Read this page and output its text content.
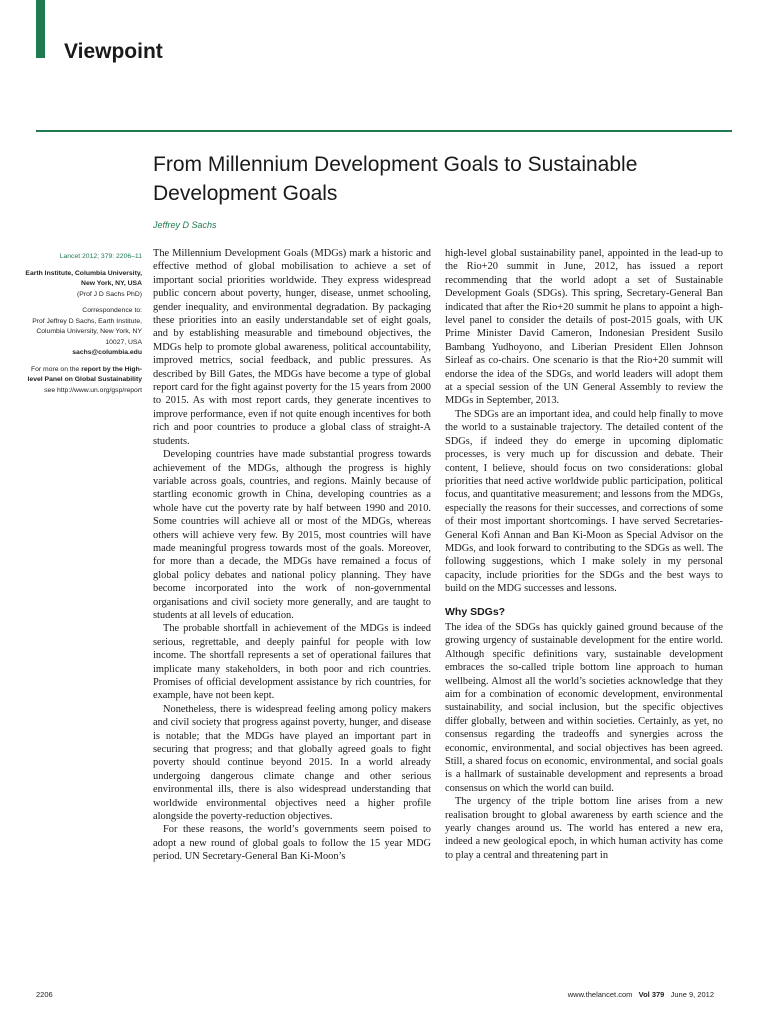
Viewpoint
From Millennium Development Goals to Sustainable Development Goals

Jeffrey D Sachs

Lancet 2012; 379: 2206–11

Earth Institute, Columbia University, New York, NY, USA
(Prof J D Sachs PhD)

Correspondence to:
Prof Jeffrey D Sachs, Earth Institute, Columbia University, New York, NY 10027, USA
sachs@columbia.edu

For more on the report by the High-level Panel on Global Sustainability see http://www.un.org/gsp/report

The Millennium Development Goals (MDGs) mark a historic and effective method of global mobilisation to achieve a set of important social priorities worldwide. They express widespread public concern about poverty, hunger, disease, unmet schooling, gender inequality, and environmental degradation. By packaging these priorities into an easily understandable set of eight goals, and by establishing measurable and timebound objectives, the MDGs help to promote global awareness, political accountability, improved metrics, social feedback, and public pressures. As described by Bill Gates, the MDGs have become a type of global report card for the fight against poverty for the 15 years from 2000 to 2015. As with most report cards, they generate incentives to improve performance, even if not quite enough incentives for both rich and poor countries to produce a global class of straight-A students.

Developing countries have made substantial progress towards achievement of the MDGs, although the progress is highly variable across goals, countries, and regions. Mainly because of startling economic growth in China, developing countries as a whole have cut the poverty rate by half between 1990 and 2010. Some countries will achieve all or most of the MDGs, whereas others will achieve very few. By 2015, most countries will have made meaningful progress towards most of the goals. Moreover, for more than a decade, the MDGs have remained a focus of global policy debates and national policy planning. They have become incorporated into the work of non-governmental organisations and civil society more generally, and are taught to students at all levels of education.

The probable shortfall in achievement of the MDGs is indeed serious, regrettable, and deeply painful for people with low income. The shortfall represents a set of operational failures that implicate many stakeholders, in both poor and rich countries. Promises of official development assistance by rich countries, for example, have not been kept.

Nonetheless, there is widespread feeling among policy makers and civil society that progress against poverty, hunger, and disease is notable; that the MDGs have played an important part in securing that progress; and that globally agreed goals to fight poverty should continue beyond 2015. In a world already undergoing dangerous climate change and other serious environmental ills, there is also widespread understanding that worldwide environmental objectives need a higher profile alongside the poverty-reduction objectives.

For these reasons, the world’s governments seem poised to adopt a new round of global goals to follow the 15 year MDG period. UN Secretary-General Ban Ki-Moon’s

high-level global sustainability panel, appointed in the lead-up to the Rio+20 summit in June, 2012, has issued a report recommending that the world adopt a set of Sustainable Development Goals (SDGs). This spring, Secretary-General Ban indicated that after the Rio+20 summit he plans to appoint a high-level panel to consider the details of post-2015 goals, with UK Prime Minister David Cameron, Indonesian President Susilo Bambang Yudhoyono, and Liberian President Ellen Johnson Sirleaf as co-chairs. One scenario is that the Rio+20 summit will endorse the idea of the SDGs, and world leaders will adopt them at a special session of the UN General Assembly to review the MDGs in September, 2013.

The SDGs are an important idea, and could help finally to move the world to a sustainable trajectory. The detailed content of the SDGs, if indeed they do emerge in upcoming diplomatic processes, is very much up for discussion and debate. Their content, I believe, should focus on two considerations: global priorities that need active worldwide public participation, political focus, and quantitative measurement; and lessons from the MDGs, especially the reasons for their successes, and corrections of some of their most important shortcomings. I have served Secretaries-General Kofi Annan and Ban Ki-Moon as Special Advisor on the MDGs, and look forward to contributing to the SDGs as well. The following suggestions, which I make solely in my personal capacity, include priorities for the SDGs and the best ways to build on the MDG successes and lessons.

Why SDGs?

The idea of the SDGs has quickly gained ground because of the growing urgency of sustainable development for the entire world. Although specific definitions vary, sustainable development embraces the so-called triple bottom line approach to human wellbeing. Almost all the world’s societies acknowledge that they aim for a combination of economic development, environmental sustainability, and social inclusion, but the specific objectives differ globally, between and within societies. Certainly, as yet, no consensus regarding the tradeoffs and synergies across the economic, environmental, and social objectives has been agreed. Still, a shared focus on economic, environmental, and social goals is a hallmark of sustainable development and represents a broad consensus on which the world can build.

The urgency of the triple bottom line arises from a new realisation brought to global awareness by earth science and the yearly changes around us. The world has entered a new era, indeed a new geological epoch, in which human activity has come to play a central and threatening part in

2206	www.thelancet.com Vol 379 June 9, 2012
